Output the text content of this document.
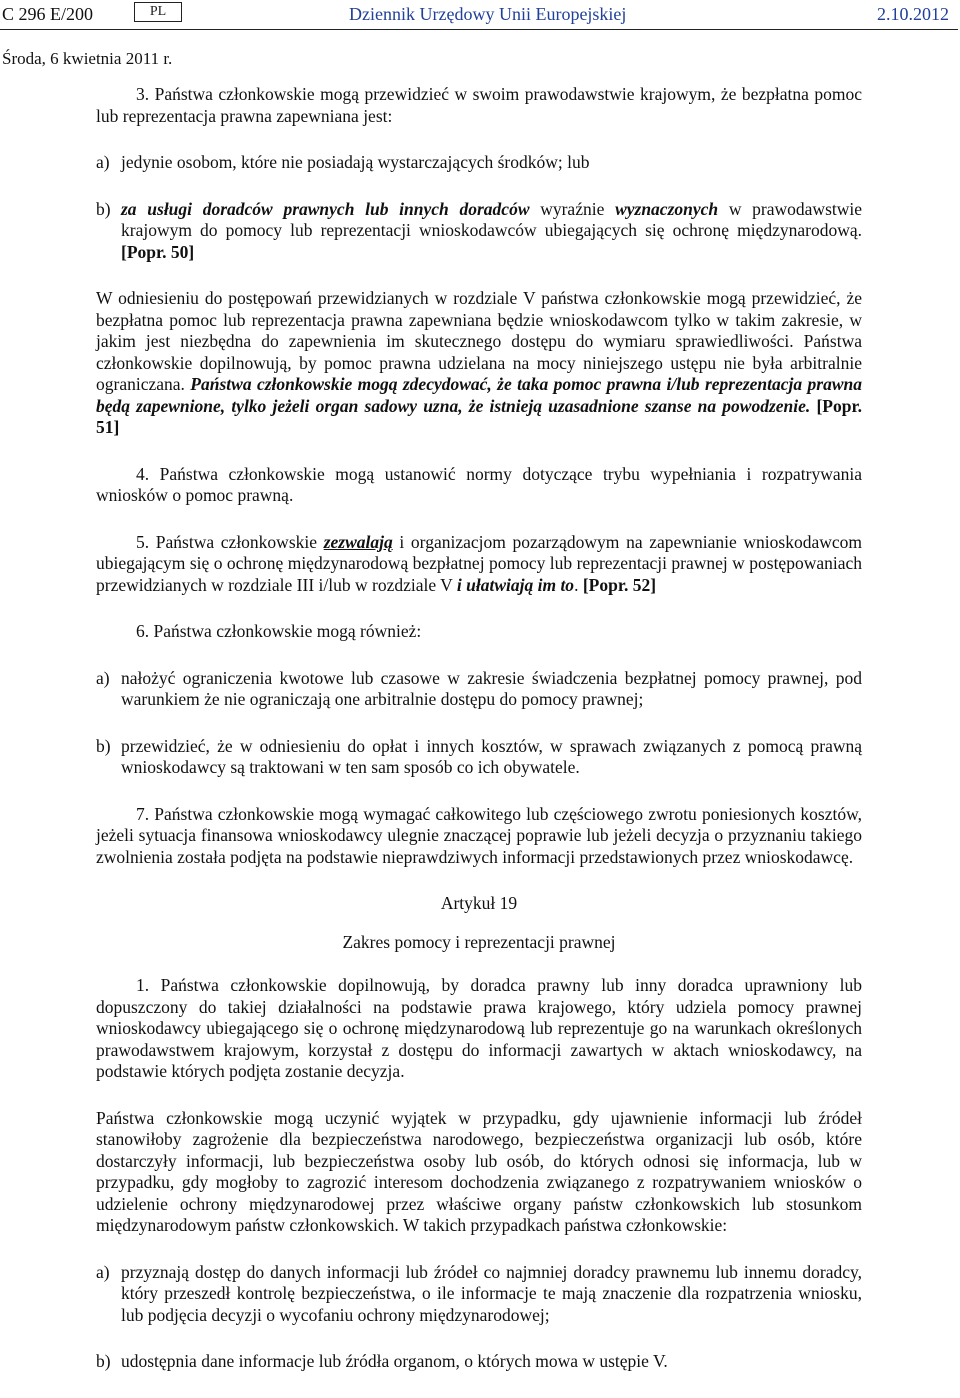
C 296 E/200	PL	Dziennik Urzędowy Unii Europejskiej	2.10.2012
Środa, 6 kwietnia 2011 r.

3. Państwa członkowskie mogą przewidzieć w swoim prawodawstwie krajowym, że bezpłatna pomoc lub reprezentacja prawna zapewniana jest:

a) jedynie osobom, które nie posiadają wystarczających środków; lub
b) za usługi doradców prawnych lub innych doradców wyraźnie wyznaczonych w prawodawstwie krajowym do pomocy lub reprezentacji wnioskodawców ubiegających się ochronę międzynarodową. [Popr. 50]

W odniesieniu do postępowań przewidzianych w rozdziale V państwa członkowskie mogą przewidzieć, że bezpłatna pomoc lub reprezentacja prawna zapewniana będzie wnioskodawcom tylko w takim zakresie, w jakim jest niezbędna do zapewnienia im skutecznego dostępu do wymiaru sprawiedliwości. Państwa członkowskie dopilnowują, by pomoc prawna udzielana na mocy niniejszego ustępu nie była arbitralnie ograniczana. Państwa członkowskie mogą zdecydować, że taka pomoc prawna i/lub reprezentacja prawna będą zapewnione, tylko jeżeli organ sadowy uzna, że istnieją uzasadnione szanse na powodzenie. [Popr. 51]

4. Państwa członkowskie mogą ustanowić normy dotyczące trybu wypełniania i rozpatrywania wniosków o pomoc prawną.

5. Państwa członkowskie zezwalają i organizacjom pozarządowym na zapewnianie wnioskodawcom ubiegającym się o ochronę międzynarodową bezpłatnej pomocy lub reprezentacji prawnej w postępowaniach przewidzianych w rozdziale III i/lub w rozdziale V i ułatwiają im to. [Popr. 52]

6. Państwa członkowskie mogą również:

a) nałożyć ograniczenia kwotowe lub czasowe w zakresie świadczenia bezpłatnej pomocy prawnej, pod warunkiem że nie ograniczają one arbitralnie dostępu do pomocy prawnej;
b) przewidzieć, że w odniesieniu do opłat i innych kosztów, w sprawach związanych z pomocą prawną wnioskodawcy są traktowani w ten sam sposób co ich obywatele.

7. Państwa członkowskie mogą wymagać całkowitego lub częściowego zwrotu poniesionych kosztów, jeżeli sytuacja finansowa wnioskodawcy ulegnie znaczącej poprawie lub jeżeli decyzja o przyznaniu takiego zwolnienia została podjęta na podstawie nieprawdziwych informacji przedstawionych przez wnioskodawcę.

Artykuł 19
Zakres pomocy i reprezentacji prawnej

1. Państwa członkowskie dopilnowują, by doradca prawny lub inny doradca uprawniony lub dopuszczony do takiej działalności na podstawie prawa krajowego, który udziela pomocy prawnej wnioskodawcy ubiegającego się o ochronę międzynarodową lub reprezentuje go na warunkach określonych prawodawstwem krajowym, korzystał z dostępu do informacji zawartych w aktach wnioskodawcy, na podstawie których podjęta zostanie decyzja.

Państwa członkowskie mogą uczynić wyjątek w przypadku, gdy ujawnienie informacji lub źródeł stanowiłoby zagrożenie dla bezpieczeństwa narodowego, bezpieczeństwa organizacji lub osób, które dostarczyły informacji, lub bezpieczeństwa osoby lub osób, do których odnosi się informacja, lub w przypadku, gdy mogłoby to zagrozić interesom dochodzenia związanego z rozpatrywaniem wniosków o udzielenie ochrony międzynarodowej przez właściwe organy państw członkowskich lub stosunkom międzynarodowym państw członkowskich. W takich przypadkach państwa członkowskie:

a) przyznają dostęp do danych informacji lub źródeł co najmniej doradcy prawnemu lub innemu doradcy, który przeszedł kontrolę bezpieczeństwa, o ile informacje te mają znaczenie dla rozpatrzenia wniosku, lub podjęcia decyzji o wycofaniu ochrony międzynarodowej;
b) udostępnia dane informacje lub źródła organom, o których mowa w ustępie V.
